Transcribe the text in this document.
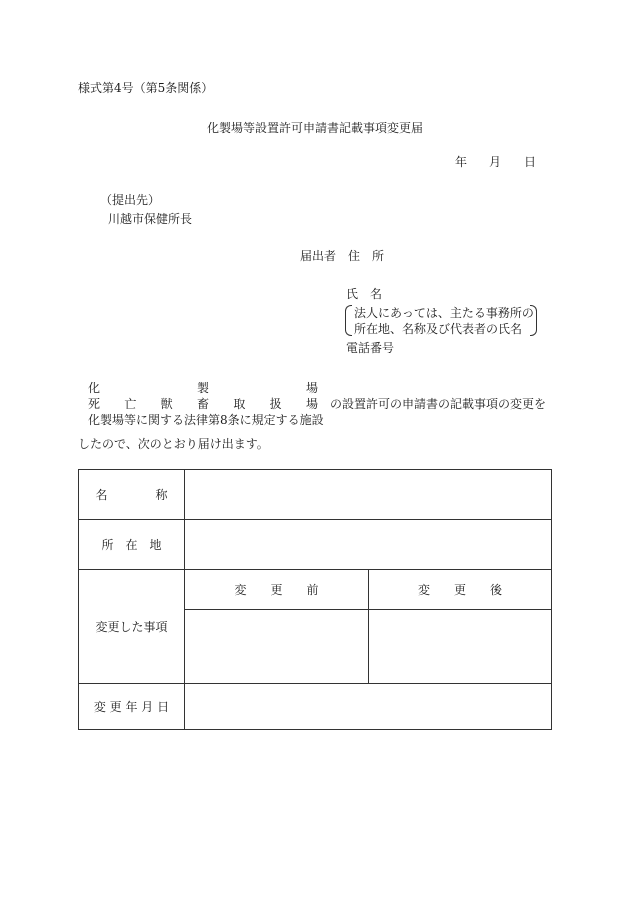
様式第4号（第5条関係）
化製場等設置許可申請書記載事項変更届
年 月 日
（提出先）
川越市保健所長
届出者　住　所
氏　名
法人にあっては、主たる事務所の
所在地、名称及び代表者の氏名
電話番号
化	製	場
死 亡 獣 畜 取 扱 場
化製場等に関する法律第8条に規定する施設
の設置許可の申請書の記載事項の変更を
したので、次のとおり届け出ます。
名　　　　称		
所　在　地		
変更した事項	変　　更　　前	変　　更　　後

変 更 年 月 日		
